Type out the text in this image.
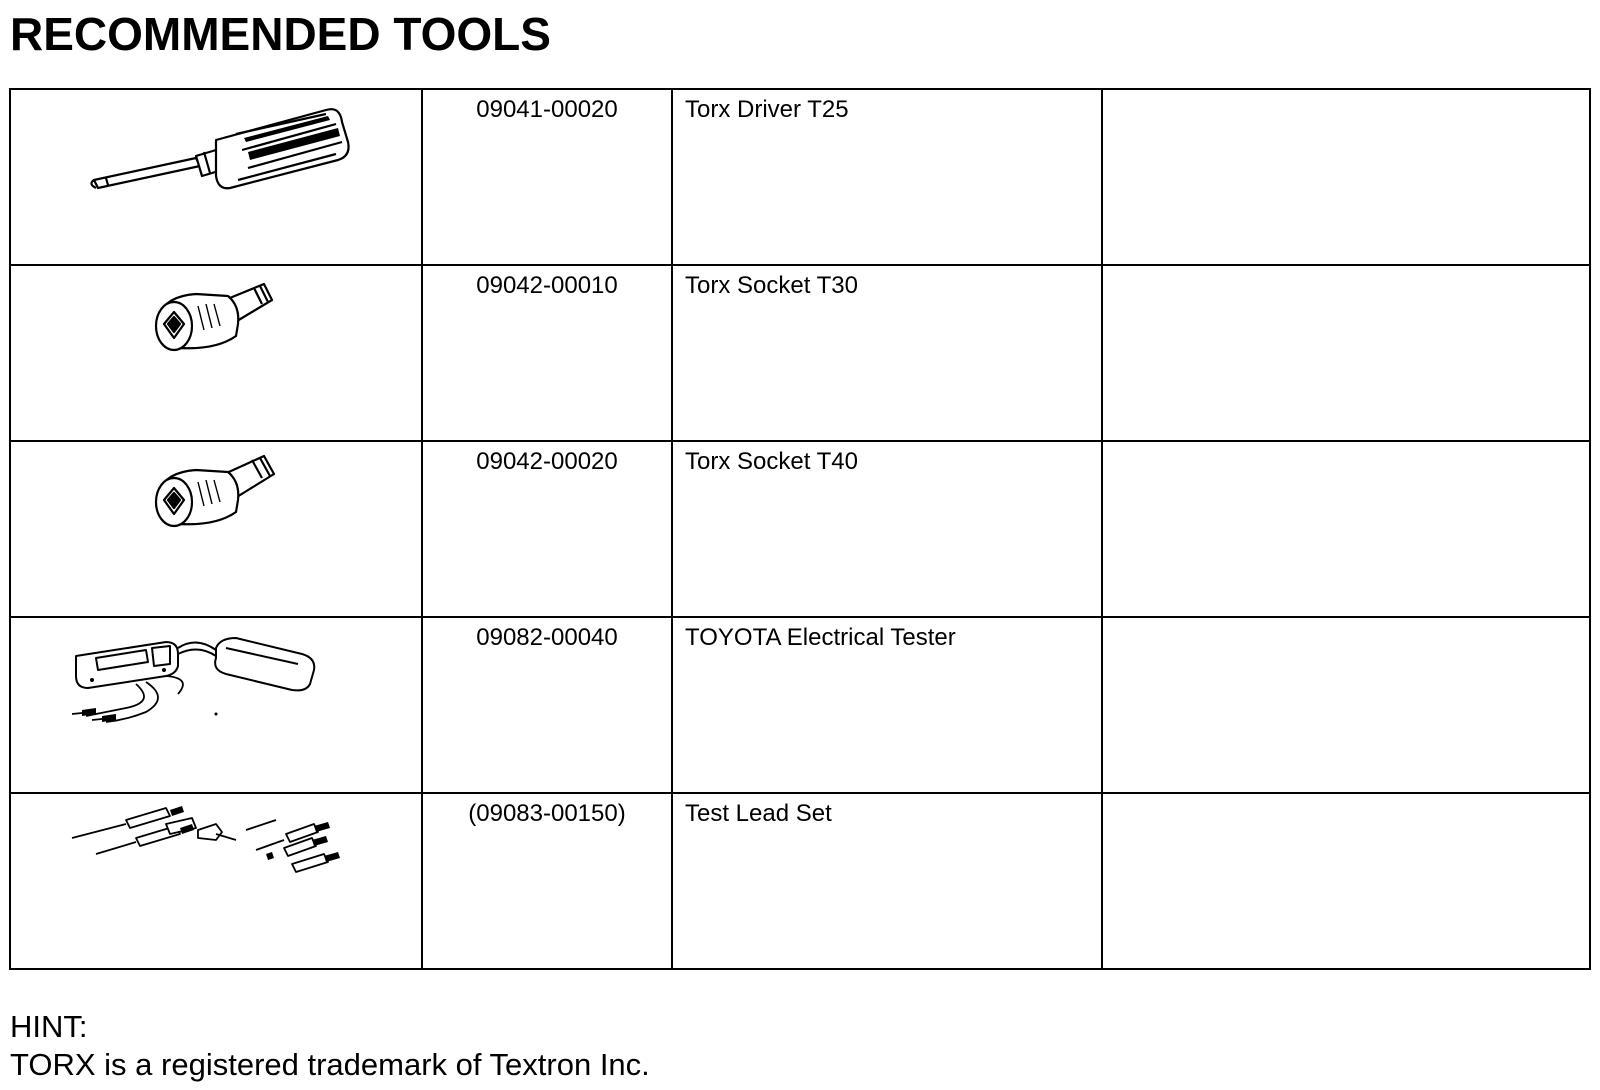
RECOMMENDED TOOLS
	09041-00020	Torx Driver T25	

	09042-00010	Torx Socket T30	

	09042-00020	Torx Socket T40	

	09082-00040	TOYOTA Electrical Tester	

	(09083-00150)	Test Lead Set	
HINT:
TORX is a registered trademark of Textron Inc.
